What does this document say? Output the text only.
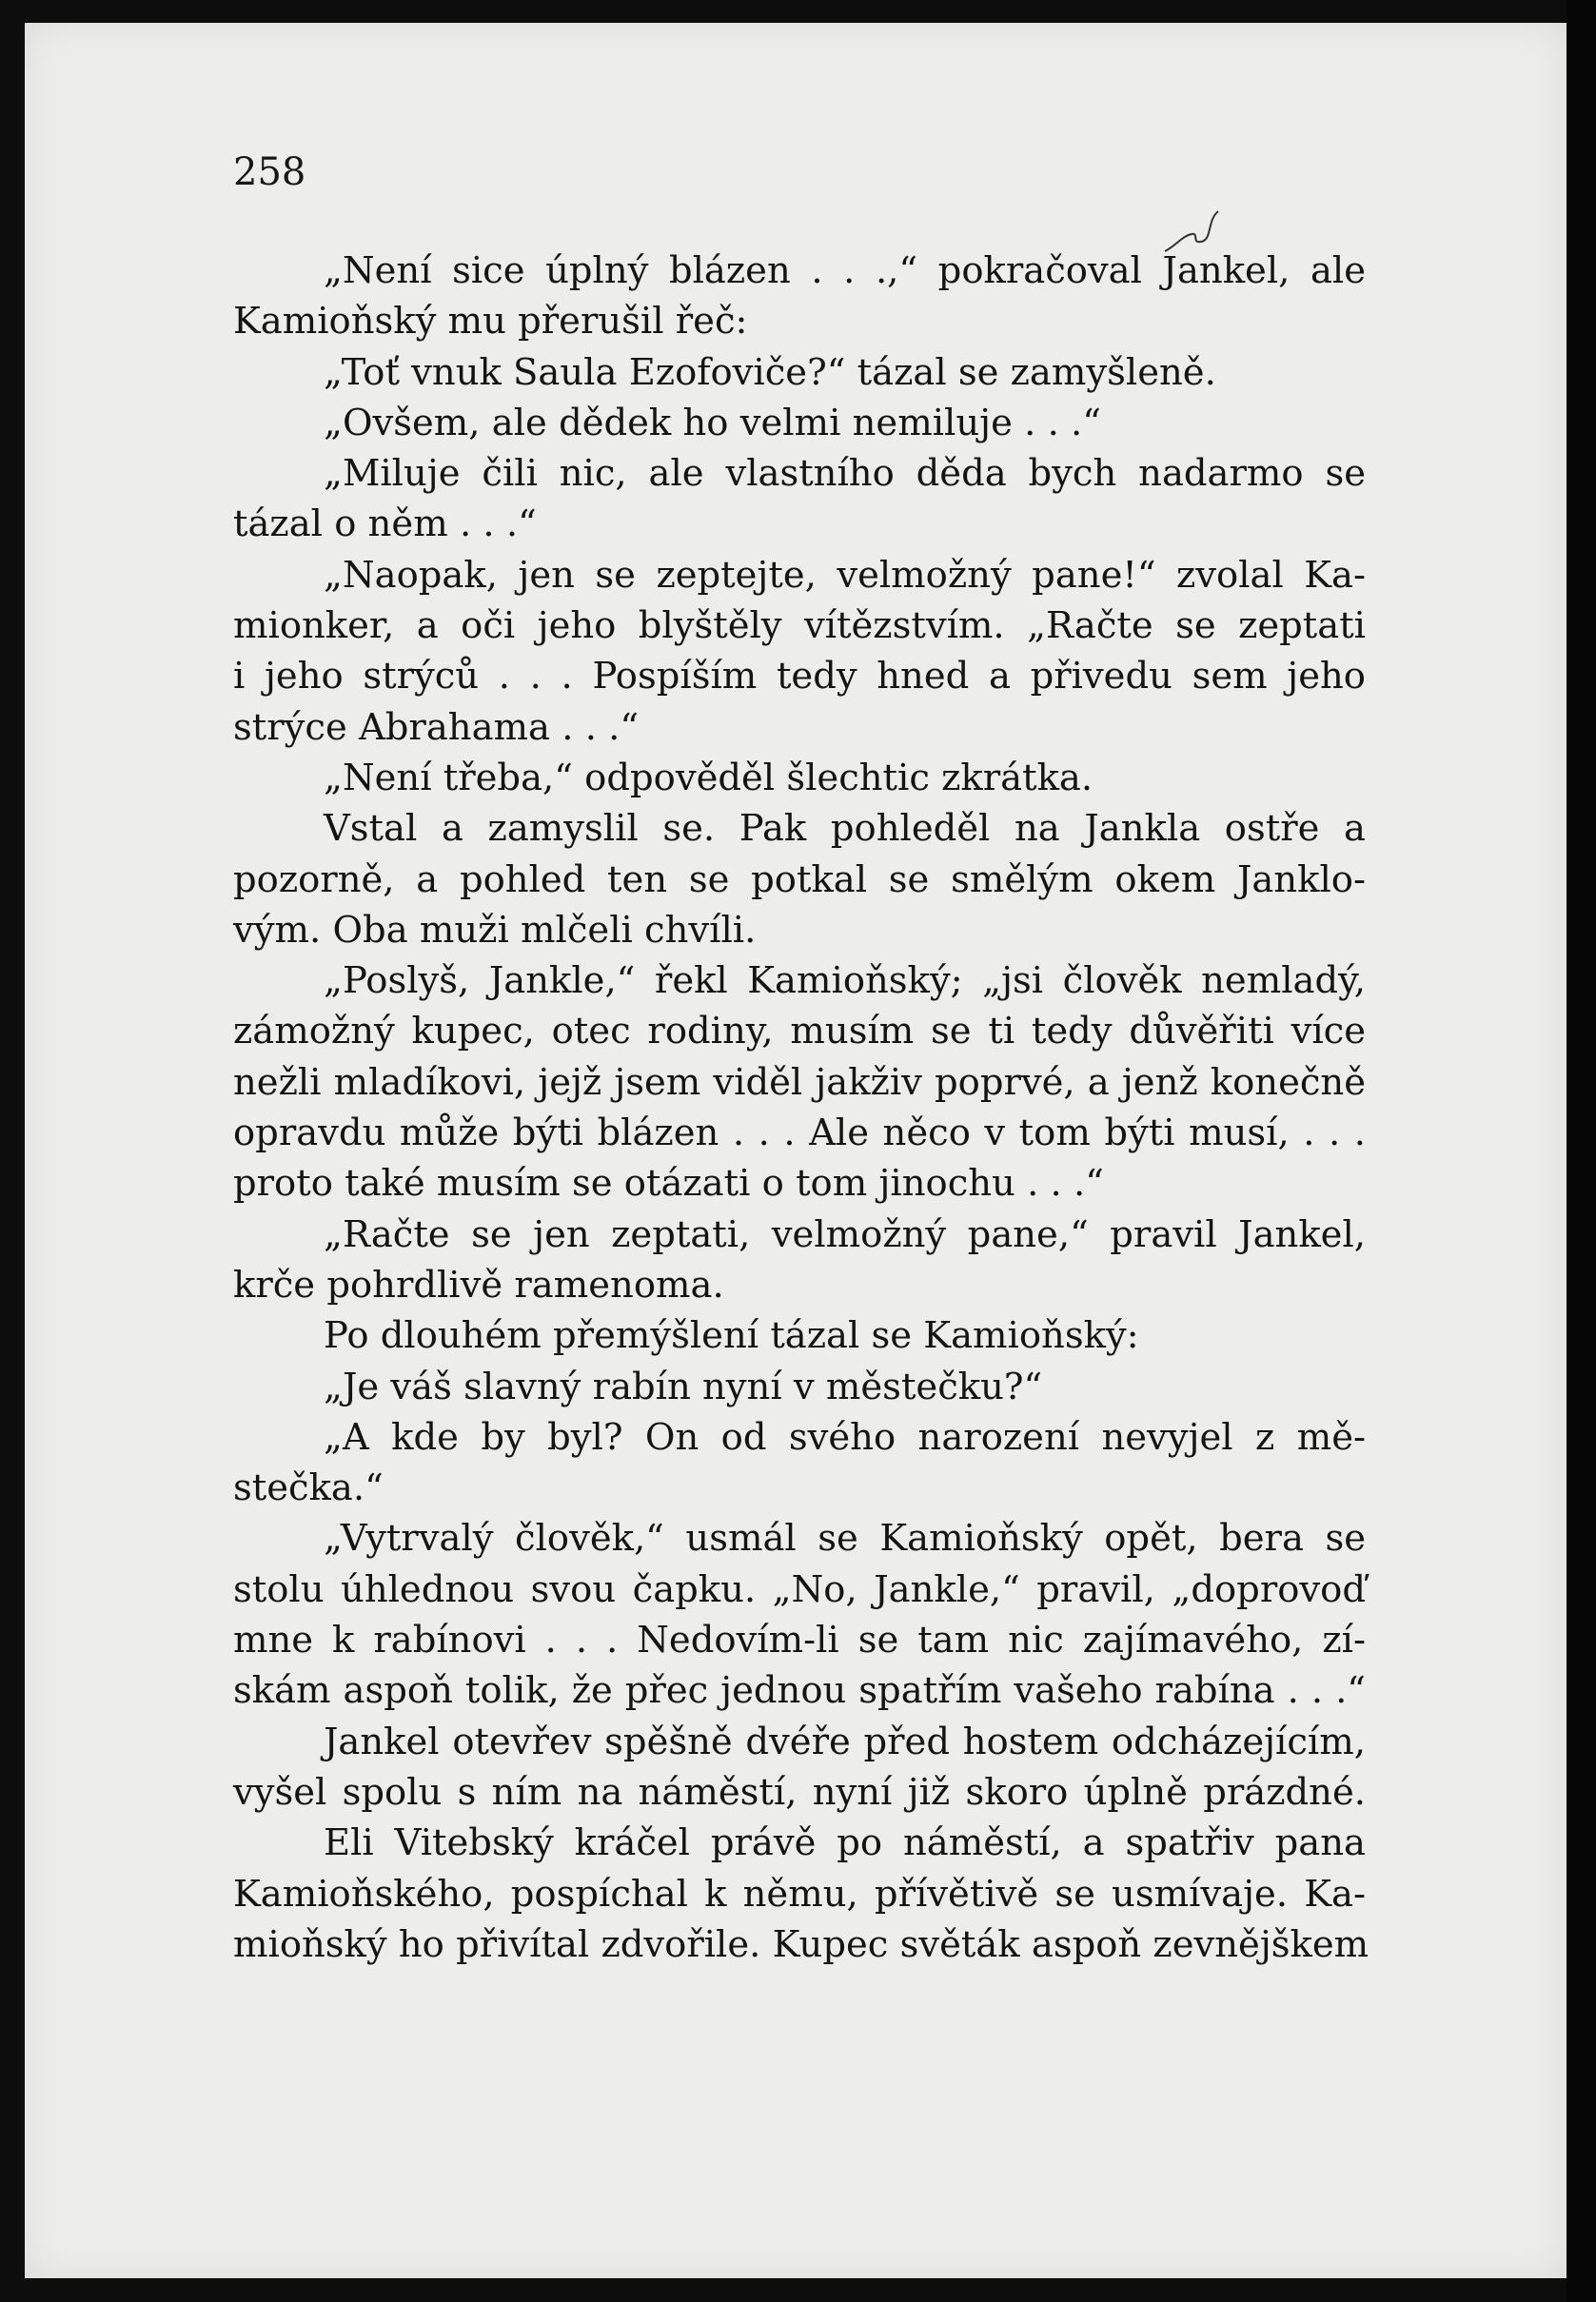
258
„Není sice úplný blázen . . .,“ pokračoval Jankel, ale
Kamioňský mu přerušil řeč:
„Toť vnuk Saula Ezofoviče?“ tázal se zamyšleně.
„Ovšem, ale dědek ho velmi nemiluje . . .“
„Miluje čili nic, ale vlastního děda bych nadarmo se
tázal o něm . . .“
„Naopak, jen se zeptejte, velmožný pane!“ zvolal Ka-
mionker, a oči jeho blyštěly vítězstvím. „Račte se zeptati
i jeho strýců . . . Pospíším tedy hned a přivedu sem jeho
strýce Abrahama . . .“
„Není třeba,“ odpověděl šlechtic zkrátka.
Vstal a zamyslil se. Pak pohleděl na Jankla ostře a
pozorně, a pohled ten se potkal se smělým okem Janklo-
vým. Oba muži mlčeli chvíli.
„Poslyš, Jankle,“ řekl Kamioňský; „jsi člověk nemladý,
zámožný kupec, otec rodiny, musím se ti tedy důvěřiti více
nežli mladíkovi, jejž jsem viděl jakživ poprvé, a jenž konečně
opravdu může býti blázen . . . Ale něco v tom býti musí, . . .
proto také musím se otázati o tom jinochu . . .“
„Račte se jen zeptati, velmožný pane,“ pravil Jankel,
krče pohrdlivě ramenoma.
Po dlouhém přemýšlení tázal se Kamioňský:
„Je váš slavný rabín nyní v městečku?“
„A kde by byl? On od svého narození nevyjel z mě-
stečka.“
„Vytrvalý člověk,“ usmál se Kamioňský opět, bera se
stolu úhlednou svou čapku. „No, Jankle,“ pravil, „doprovoď
mne k rabínovi . . . Nedovím-li se tam nic zajímavého, zí-
skám aspoň tolik, že přec jednou spatřím vašeho rabína . . .“
Jankel otevřev spěšně dvéře před hostem odcházejícím,
vyšel spolu s ním na náměstí, nyní již skoro úplně prázdné.
Eli Vitebský kráčel právě po náměstí, a spatřiv pana
Kamioňského, pospíchal k němu, přívětivě se usmívaje. Ka-
mioňský ho přivítal zdvořile. Kupec světák aspoň zevnějškem
